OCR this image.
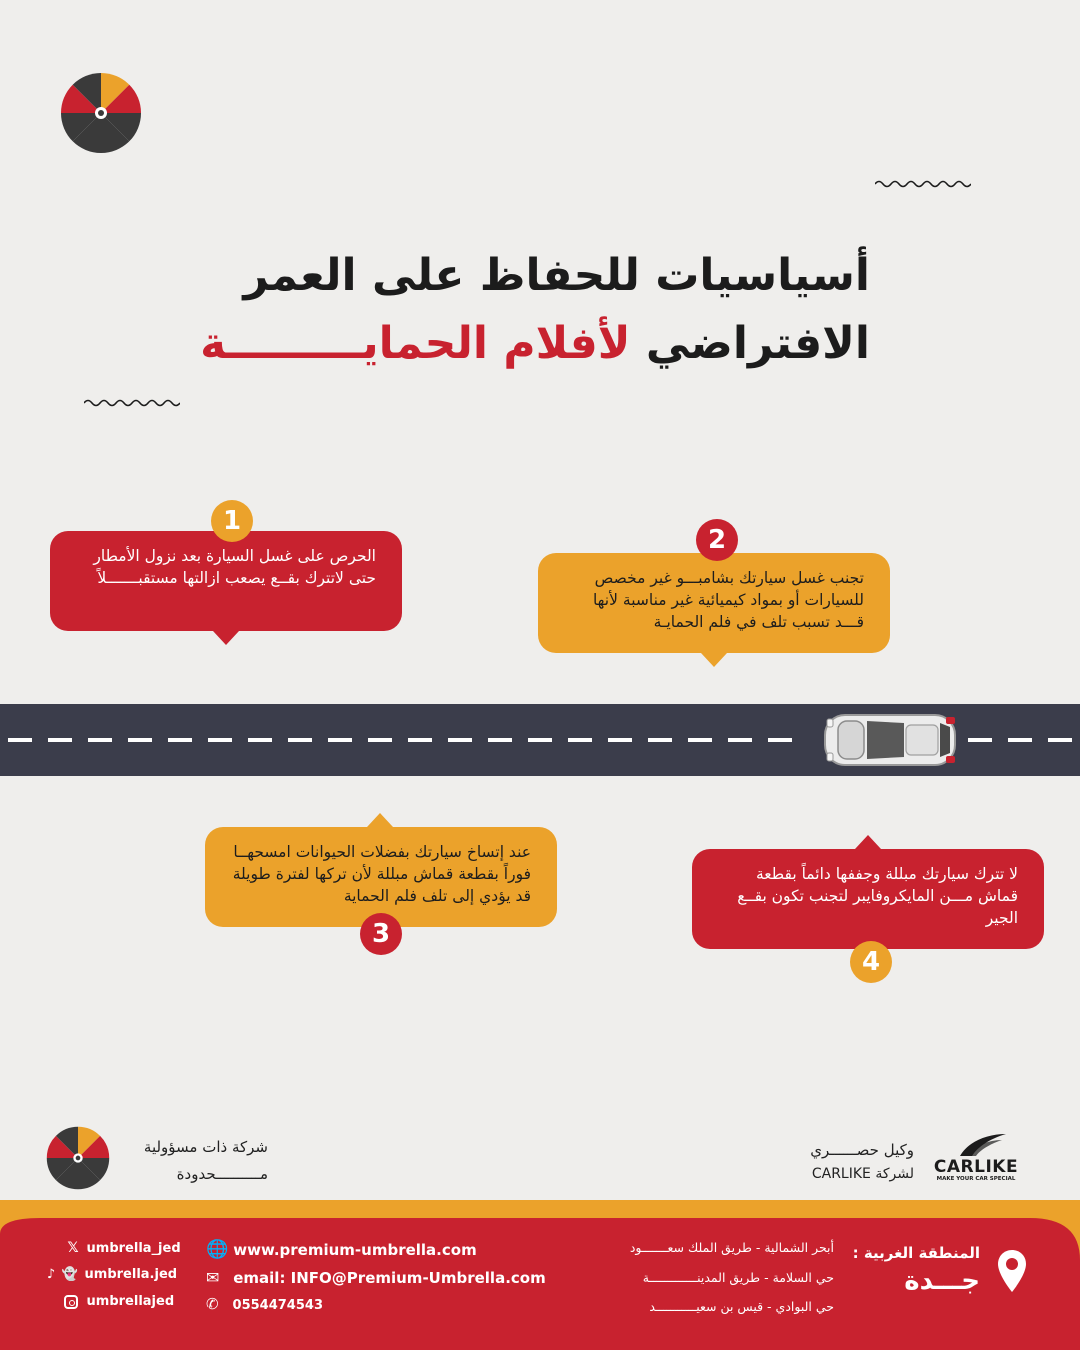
أسياسيات للحفاظ على العمر
الافتراضي لأفلام الحمايـــــــــة
الحرص على غسل السيارة بعد نزول الأمطار حتى لاتترك بقــع يصعب ازالتها مستقبـــــــلاً
1
تجنب غسل سيارتك بشامبـــو غير مخصص للسيارات أو بمواد كيميائية غير مناسبة لأنها قـــد تسبب تلف في فلم الحمايـة
2
عند إتساخ سيارتك بفضلات الحيوانات امسحهــا فوراً بقطعة قماش مبللة لأن تركها لفترة طويلة قد يؤدي إلى تلف فلم الحماية
3
لا تترك سيارتك مبللة وجففها دائماً بقطعة قماش مـــن المايكروفايبر لتجنب تكون بقــع الجير
4
شركة ذات مسؤولية
مــــــــــحدودة
وكيل حصــــــري
لشركة CARLIKE	CARLIKE
MAKE YOUR CAR SPECIAL
𝕏 umbrella_jed
♪ 👻 umbrella.jed
umbrellajed
🌐 www.premium-umbrella.com
✉ email: INFO@Premium-Umbrella.com
✆ 0554474543
أبحر الشمالية - طريق الملك سعـــــــود
حي السلامة - طريق المدينـــــــــــــة
حي البوادي - قيس بن سعيـــــــــــد
المنطقة الغربية :
جـــدة
